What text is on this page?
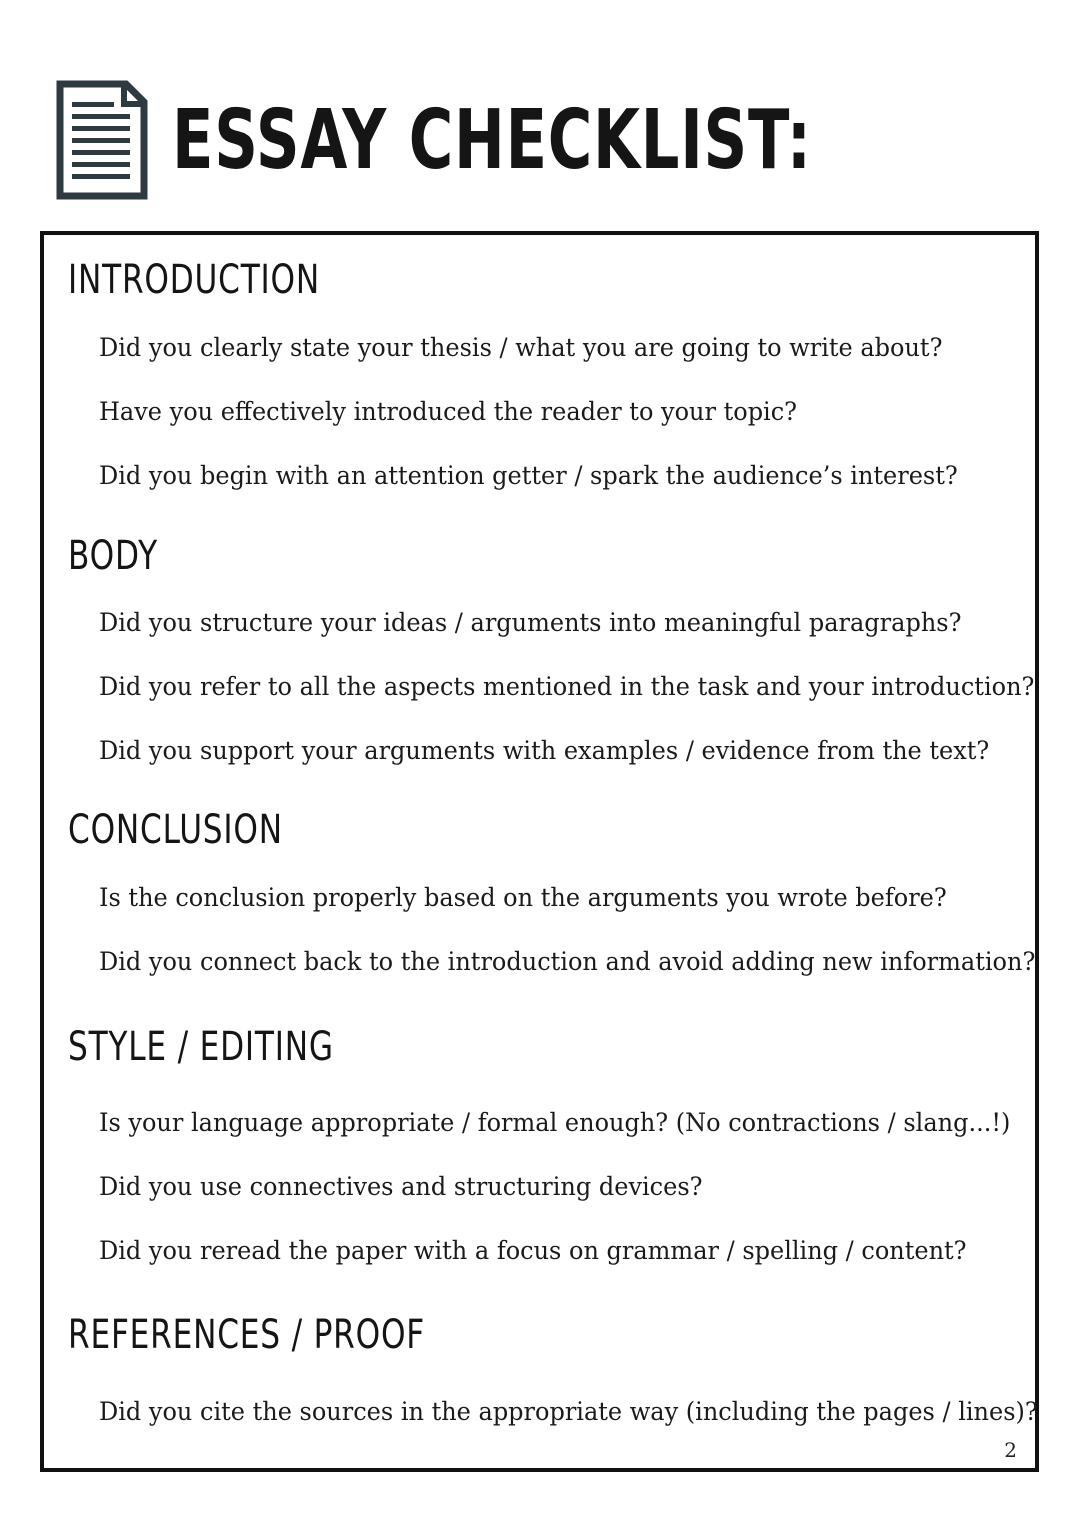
ESSAY CHECKLIST:
INTRODUCTION
Did you clearly state your thesis / what you are going to write about?
Have you effectively introduced the reader to your topic?
Did you begin with an attention getter / spark the audience’s interest?
BODY
Did you structure your ideas / arguments into meaningful paragraphs?
Did you refer to all the aspects mentioned in the task and your introduction?
Did you support your arguments with examples / evidence from the text?
CONCLUSION
Is the conclusion properly based on the arguments you wrote before?
Did you connect back to the introduction and avoid adding new information?
STYLE / EDITING
Is your language appropriate / formal enough? (No contractions / slang...!)
Did you use connectives and structuring devices?
Did you reread the paper with a focus on grammar / spelling / content?
REFERENCES / PROOF
Did you cite the sources in the appropriate way (including the pages / lines)?
2
